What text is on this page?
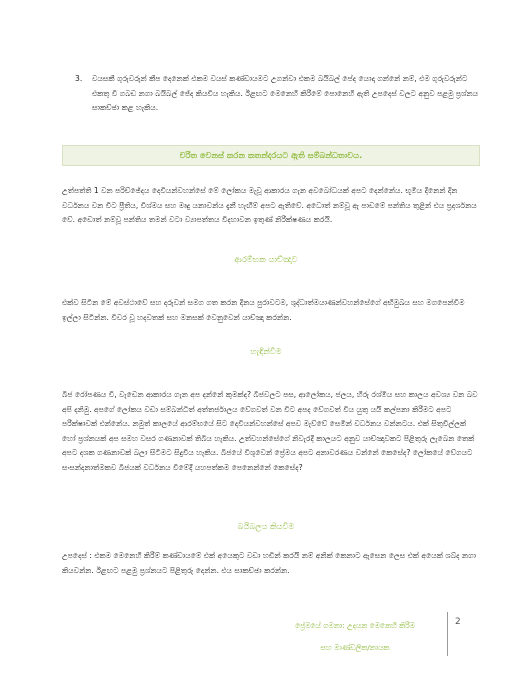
3.	වයසකී ගුරුවරුන් කීප දෙනෙක් එකම වයස් කණ්ඩායමට උගන්වා එකම බයිබල් පේද යොදා ගන්නේ නම්, එම ගුරුවරුන්ට එකතු වී ගබඩ නගා බයිබල් ජේද කියවිය හැකිය. ඊළඟට මෙනෙහි කිරීමේ පොනෙහි ඇති උපදෙස් වලට අනුව පළමු ප්‍රශ්නය සාකච්ඡා කළ හැකිය.
චරිත වෙනස් කරන කතන්දරයට ඇති සම්බන්ධතාවය.
උත්පත්ති 1 වන පරිච්ඡේදය දෙවියන්වහන්සේ මේ ලෝකය මැවූ ආකාරය ගැන අවබෝධයක් අපට දෙන්නේය. භූමිය දිනෙන් දින වර්ධනය වන විට ප්‍රීතිය, විශ්මය සහ මෘදු යනාවන්ය දැනී හැඟීම් අපට ඇතිවේ. අධොත් නම්වූ ඇ පාඩමේ පන්තිය තුළින් එය ප්‍රදර්ශනය වේ. අඩොත් නම්වූ පන්තිය තමන් වටා ව්‍යාපත්තය විදහාවන ඉතුණ් නිරීක්ෂණය කරයි.
ආරම්භක යාච්ඤාව
එක්ව සිටින මේ අවස්ථාවේ සහ දරුවන් සමග ගත කරන දිනය පුරාවටම, ශුද්ධාත්මයාණන්වහන්සේගේ අභිමුඛය සහ මගපෙන්වීම ඉල්ලා සිටින්න. විවර වූ හදවතක් සහ මනසක් වෙනුවෙන් යාච්ඤා කරන්න.
හැඳින්වීම
බීජ රෝපණය වී, වැඩෙන ආකාරය ගැන අප දන්නේ කුමක්ද? බීජවලට පස, ආලෝකය, ජලය, හිරු රශ්මිය සහ කාලය අවශ්‍ය වන බව අපි දනිමු. අපගේ ලෝකය වඩා සම්බන්ධිත් අත්තර්ජාලය වේගවත් වන විට අපද වේගවත් විය යුතු යයි කල්පනා කිරීමට අපට පරීක්ෂාවක් එන්නේය. නමුත් කාලයේ ආරම්භයේ සිට දෙවියන්වහන්සේ අපව මැව්වේ සෙමින් වර්ධනය වන්නටය. එක් සිතුවිල්ලක් හෝ ප්‍රශ්නයක් අප සමහ වසර ගණනාවක් තිබිය හැකිය. උත්වහන්සේගේ නිවැරදි කාලයට අනුව යාච්ඤාවකට පිළිතුරු ලැබෙන තෙක් අපට දශක ගණනාවක් බලා සිටීමට සිදුවිය හැකිය. බීජයේ විශුවෙන් ප්‍රේමය අපට අනාවරණය වන්නේ කෙසේද? ලෝකයේ වේගයට සංසන්දනාත්මකව බීජයක් වර්ධනය වීමේදී යහපත්කම පෙනෙන්නේ කෙසේද?
බයිබලය කියවීම
උපදෙස් : එකම මෙනෙහි කිරීම් කණ්ඩායමේ එක් අයෙකුට වඩා හඩින් කරයි නම් අනික් කෙනාට ඇසෙන ලෙස එක් අයෙක් ශබ්ද නගා කියවන්න. ඊළඟට පළමු ප්‍රශ්නයට පිළිතුරු දෙන්න. එය සාකච්ඡා කරන්න.
ප්‍රේමයේ ගමනා: උදයන මෙනෙහි කිරීම
සහ මාණ්ඩලික/නායක
2
